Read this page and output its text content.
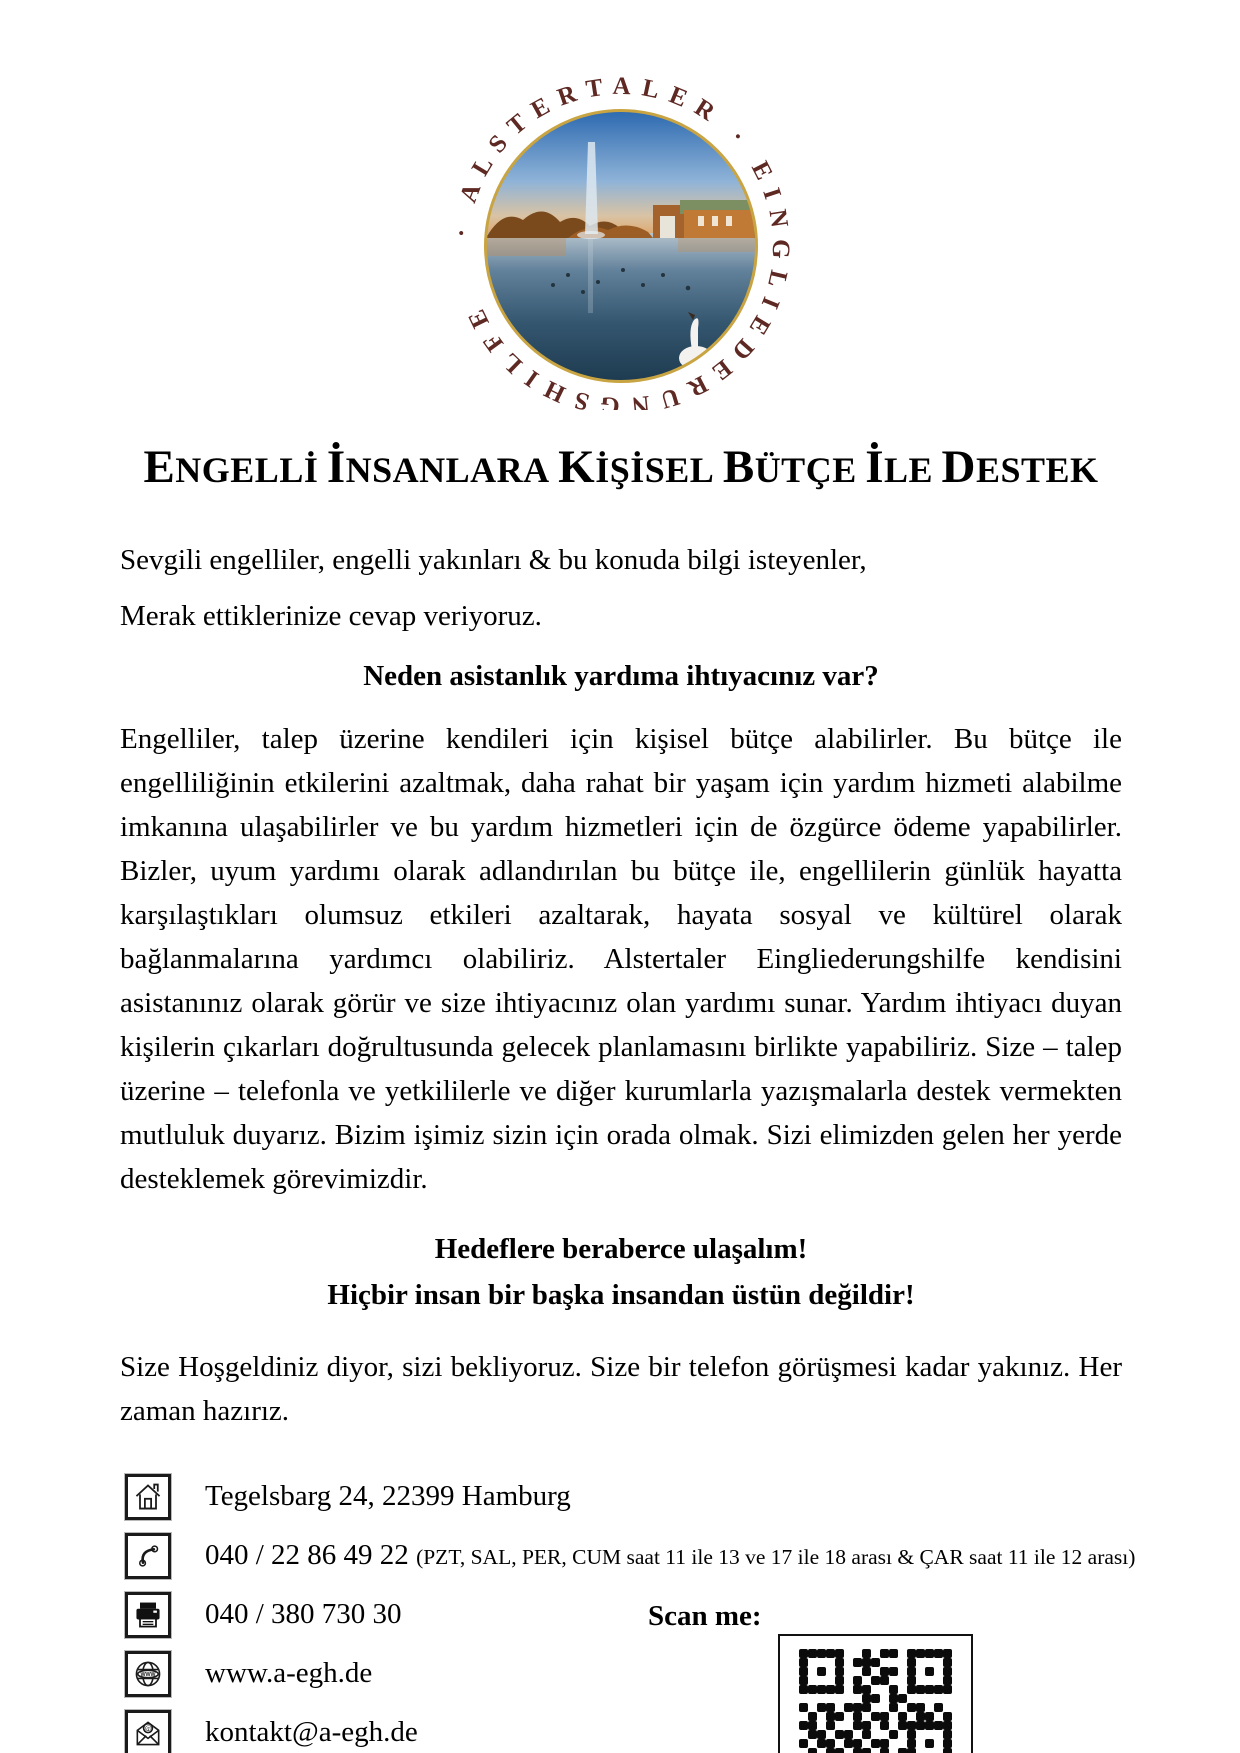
· ALSTERTALER · EINGLIEDERUNGSHILFE
ENGELLİ İNSANLARA KİŞİSEL BÜTÇE İLE DESTEK

Sevgili engelliler, engelli yakınları & bu konuda bilgi isteyenler,

Merak ettiklerinize cevap veriyoruz.

Neden asistanlık yardıma ihtıyacınız var?

Engelliler, talep üzerine kendileri için kişisel bütçe alabilirler. Bu bütçe ile engelliliğinin etkilerini azaltmak, daha rahat bir yaşam için yardım hizmeti alabilme imkanına ulaşabilirler ve bu yardım hizmetleri için de özgürce ödeme yapabilirler. Bizler, uyum yardımı olarak adlandırılan bu bütçe ile, engellilerin günlük hayatta karşılaştıkları olumsuz etkileri azaltarak, hayata sosyal ve kültürel olarak bağlanmalarına yardımcı olabiliriz. Alstertaler Eingliederungshilfe kendisini asistanınız olarak görür ve size ihtiyacınız olan yardımı sunar. Yardım ihtiyacı duyan kişilerin çıkarları doğrultusunda gelecek planlamasını birlikte yapabiliriz. Size – talep üzerine – telefonla ve yetkililerle ve diğer kurumlarla yazışmalarla destek vermekten mutluluk duyarız. Bizim işimiz sizin için orada olmak. Sizi elimizden gelen her yerde desteklemek görevimizdir.

Hedeflere beraberce ulaşalım!
Hiçbir insan bir başka insandan üstün değildir!

Size Hoşgeldiniz diyor, sizi bekliyoruz. Size bir telefon görüşmesi kadar yakınız. Her zaman hazırız.

Tegelsbarg 24, 22399 Hamburg
040 / 22 86 49 22 (PZT, SAL, PER, CUM saat 11 ile 13 ve 17 ile 18 arası & ÇAR saat 11 ile 12 arası)
040 / 380 730 30	Scan me:
WWW www.a-egh.de
@ kontakt@a-egh.de
